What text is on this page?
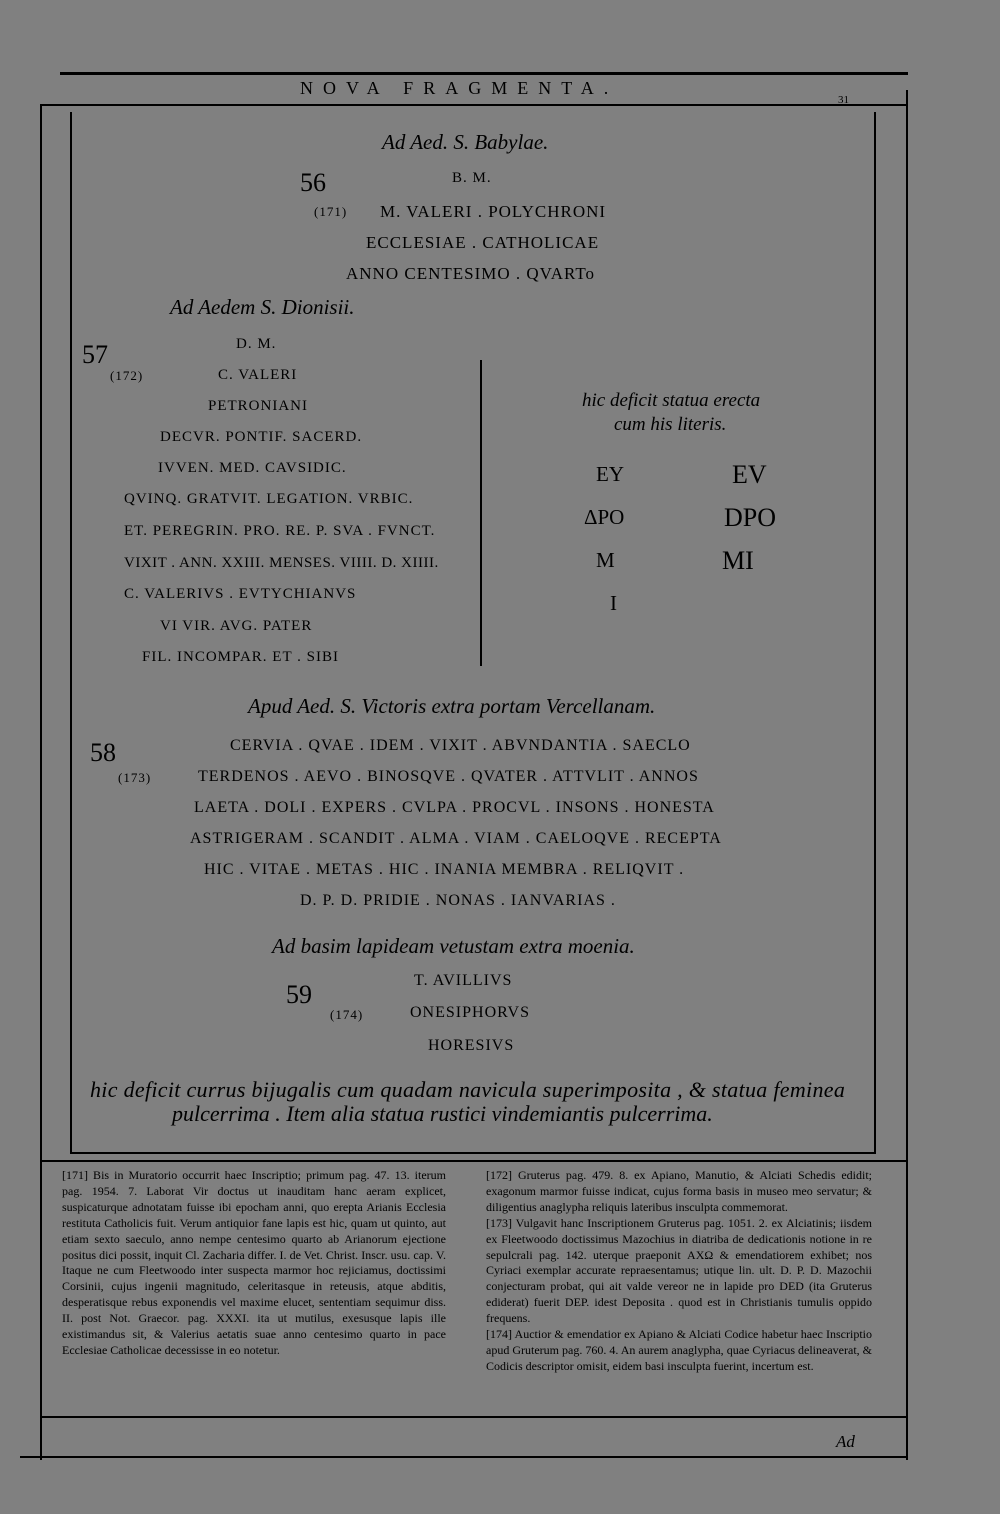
NOVA FRAGMENTA.
31
Ad Aed. S. Babylae.
56
(171)
B. M.
M. VALERI . POLYCHRONI
ECCLESIAE . CATHOLICAE
ANNO CENTESIMO . QVARTo
Ad Aedem S. Dionisii.
57
(172)
D. M.
C. VALERI
PETRONIANI
DECVR. PONTIF. SACERD.
IVVEN. MED. CAVSIDIC.
QVINQ. GRATVIT. LEGATION. VRBIC.
ET. PEREGRIN. PRO. RE. P. SVA . FVNCT.
VIXIT . ANN. XXIII. MENSES. VIIII. D. XIIII.
C. VALERIVS . EVTYCHIANVS
VI VIR. AVG. PATER
FIL. INCOMPAR. ET . SIBI
hic deficit statua erecta
cum his literis.
ΕΥ
ΔΡΟ
Μ
Ι
EV
DPO
MI
Apud Aed. S. Victoris extra portam Vercellanam.
58
(173)
CERVIA . QVAE . IDEM . VIXIT . ABVNDANTIA . SAECLO
TERDENOS . AEVO . BINOSQVE . QVATER . ATTVLIT . ANNOS
LAETA . DOLI . EXPERS . CVLPA . PROCVL . INSONS . HONESTA
ASTRIGERAM . SCANDIT . ALMA . VIAM . CAELOQVE . RECEPTA
HIC . VITAE . METAS . HIC . INANIA MEMBRA . RELIQVIT .
D. P. D. PRIDIE . NONAS . IANVARIAS .
Ad basim lapideam vetustam extra moenia.
59
(174)
T. AVILLIVS
ONESIPHORVS
HORESIVS
hic deficit currus bijugalis cum quadam navicula superimposita , & statua feminea
pulcerrima . Item alia statua rustici vindemiantis pulcerrima.

[171] Bis in Muratorio occurrit haec Inscriptio; primum pag. 47. 13. iterum pag. 1954. 7. Laborat Vir doctus ut inauditam hanc aeram explicet, suspicaturque adnotatam fuisse ibi epocham anni, quo erepta Arianis Ecclesia restituta Catholicis fuit. Verum antiquior fane lapis est hic, quam ut quinto, aut etiam sexto saeculo, anno nempe centesimo quarto ab Arianorum ejectione positus dici possit, inquit Cl. Zacharia differ. I. de Vet. Christ. Inscr. usu. cap. V. Itaque ne cum Fleetwoodo inter suspecta marmor hoc rejiciamus, doctissimi Corsinii, cujus ingenii magnitudo, celeritasque in reteusis, atque abditis, desperatisque rebus exponendis vel maxime elucet, sententiam sequimur diss. II. post Not. Graecor. pag. XXXI. ita ut mutilus, exesusque lapis ille existimandus sit, & Valerius aetatis suae anno centesimo quarto in pace Ecclesiae Catholicae decessisse in eo notetur.

[172] Gruterus pag. 479. 8. ex Apiano, Manutio, & Alciati Schedis edidit; exagonum marmor fuisse indicat, cujus forma basis in museo meo servatur; & diligentius anaglypha reliquis lateribus insculpta commemorat.

[173] Vulgavit hanc Inscriptionem Gruterus pag. 1051. 2. ex Alciatinis; iisdem ex Fleetwoodo doctissimus Mazochius in diatriba de dedicationis notione in re sepulcrali pag. 142. uterque praeponit ΑΧΩ & emendatiorem exhibet; nos Cyriaci exemplar accurate repraesentamus; utique lin. ult. D. P. D. Mazochii conjecturam probat, qui ait valde vereor ne in lapide pro DED (ita Gruterus ediderat) fuerit DEP. idest Deposita . quod est in Christianis tumulis oppido frequens.

[174] Auctior & emendatior ex Apiano & Alciati Codice habetur haec Inscriptio apud Gruterum pag. 760. 4. An aurem anaglypha, quae Cyriacus delineaverat, & Codicis descriptor omisit, eidem basi insculpta fuerint, incertum est.

Ad
